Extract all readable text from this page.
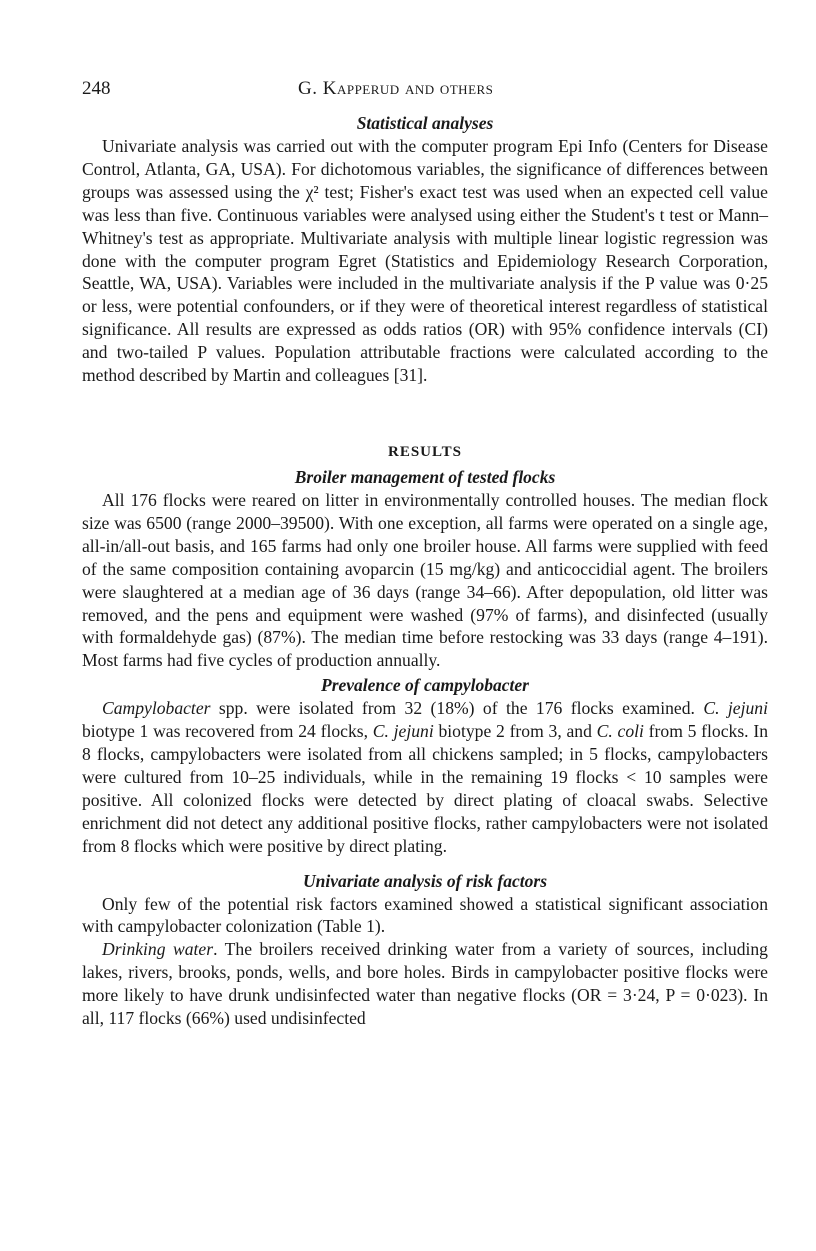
248	G. Kapperud and others
Statistical analyses

Univariate analysis was carried out with the computer program Epi Info (Centers for Disease Control, Atlanta, GA, USA). For dichotomous variables, the significance of differences between groups was assessed using the χ² test; Fisher's exact test was used when an expected cell value was less than five. Continuous variables were analysed using either the Student's t test or Mann–Whitney's test as appropriate. Multivariate analysis with multiple linear logistic regression was done with the computer program Egret (Statistics and Epidemiology Research Corporation, Seattle, WA, USA). Variables were included in the multivariate analysis if the P value was 0·25 or less, were potential confounders, or if they were of theoretical interest regardless of statistical significance. All results are expressed as odds ratios (OR) with 95% confidence intervals (CI) and two-tailed P values. Population attributable fractions were calculated according to the method described by Martin and colleagues [31].

RESULTS
Broiler management of tested flocks

All 176 flocks were reared on litter in environmentally controlled houses. The median flock size was 6500 (range 2000–39500). With one exception, all farms were operated on a single age, all-in/all-out basis, and 165 farms had only one broiler house. All farms were supplied with feed of the same composition containing avoparcin (15 mg/kg) and anticoccidial agent. The broilers were slaughtered at a median age of 36 days (range 34–66). After depopulation, old litter was removed, and the pens and equipment were washed (97% of farms), and disinfected (usually with formaldehyde gas) (87%). The median time before restocking was 33 days (range 4–191). Most farms had five cycles of production annually.

Prevalence of campylobacter

Campylobacter spp. were isolated from 32 (18%) of the 176 flocks examined. C. jejuni biotype 1 was recovered from 24 flocks, C. jejuni biotype 2 from 3, and C. coli from 5 flocks. In 8 flocks, campylobacters were isolated from all chickens sampled; in 5 flocks, campylobacters were cultured from 10–25 individuals, while in the remaining 19 flocks < 10 samples were positive. All colonized flocks were detected by direct plating of cloacal swabs. Selective enrichment did not detect any additional positive flocks, rather campylobacters were not isolated from 8 flocks which were positive by direct plating.

Univariate analysis of risk factors

Only few of the potential risk factors examined showed a statistical significant association with campylobacter colonization (Table 1).

Drinking water. The broilers received drinking water from a variety of sources, including lakes, rivers, brooks, ponds, wells, and bore holes. Birds in campylobacter positive flocks were more likely to have drunk undisinfected water than negative flocks (OR = 3·24, P = 0·023). In all, 117 flocks (66%) used undisinfected
